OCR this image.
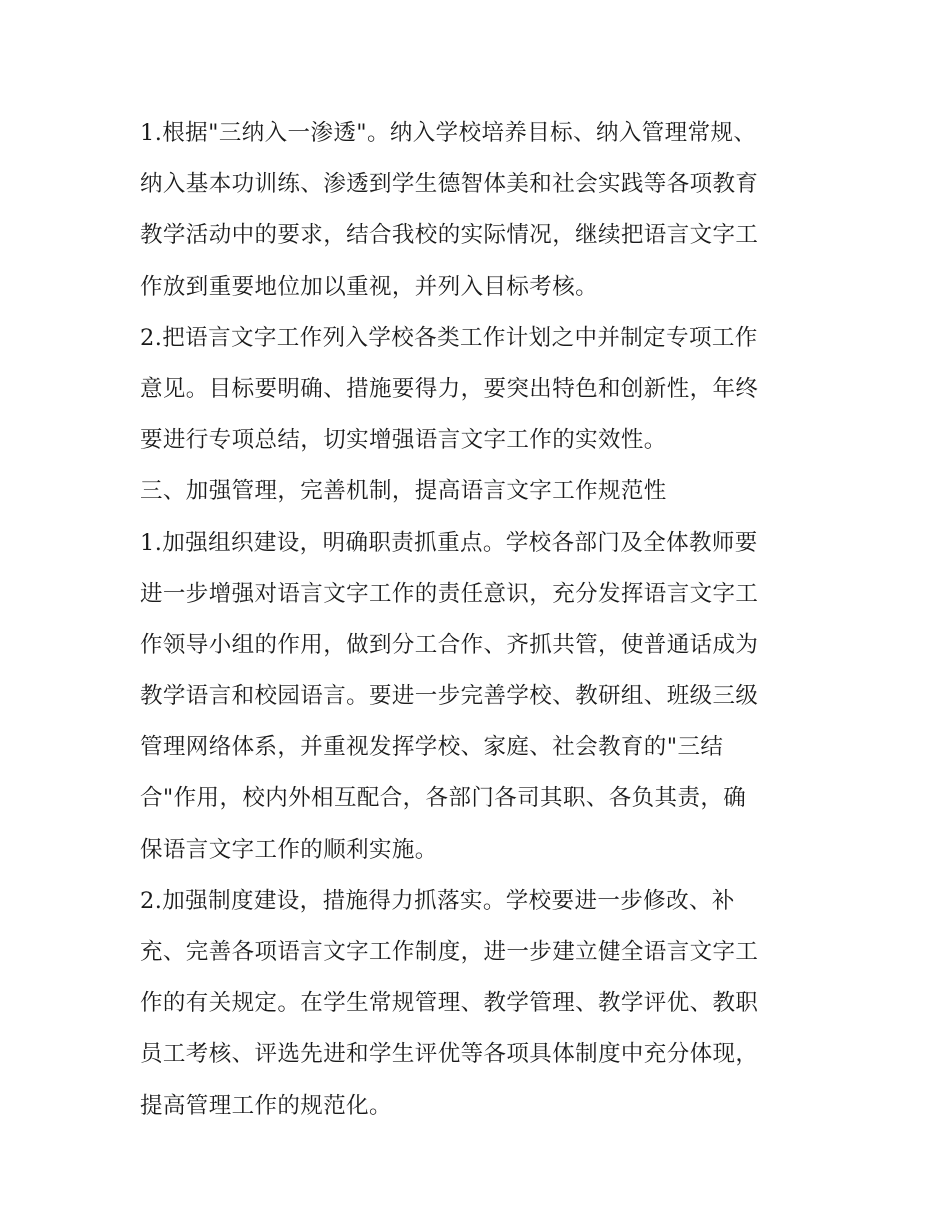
1.根据"三纳入一渗透"。纳入学校培养目标、纳入管理常规、
纳入基本功训练、渗透到学生德智体美和社会实践等各项教育
教学活动中的要求，结合我校的实际情况，继续把语言文字工
作放到重要地位加以重视，并列入目标考核。
2.把语言文字工作列入学校各类工作计划之中并制定专项工作
意见。目标要明确、措施要得力，要突出特色和创新性，年终
要进行专项总结，切实增强语言文字工作的实效性。
三、加强管理，完善机制，提高语言文字工作规范性
1.加强组织建设，明确职责抓重点。学校各部门及全体教师要
进一步增强对语言文字工作的责任意识，充分发挥语言文字工
作领导小组的作用，做到分工合作、齐抓共管，使普通话成为
教学语言和校园语言。要进一步完善学校、教研组、班级三级
管理网络体系，并重视发挥学校、家庭、社会教育的"三结
合"作用，校内外相互配合，各部门各司其职、各负其责，确
保语言文字工作的顺利实施。
2.加强制度建设，措施得力抓落实。学校要进一步修改、补
充、完善各项语言文字工作制度，进一步建立健全语言文字工
作的有关规定。在学生常规管理、教学管理、教学评优、教职
员工考核、评选先进和学生评优等各项具体制度中充分体现，
提高管理工作的规范化。
